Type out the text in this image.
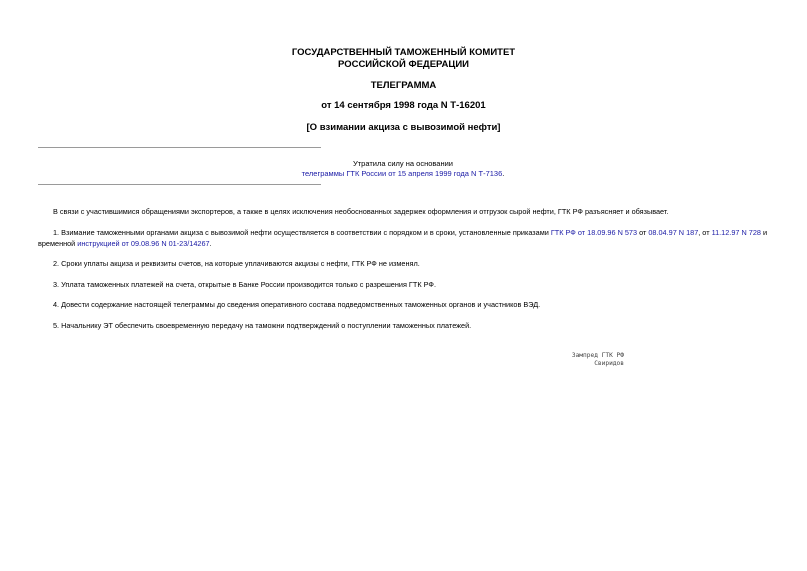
ГОСУДАРСТВЕННЫЙ ТАМОЖЕННЫЙ КОМИТЕТ
РОССИЙСКОЙ ФЕДЕРАЦИИ
ТЕЛЕГРАММА
от 14 сентября 1998 года N Т-16201
[О взимании акциза с вывозимой нефти]
Утратила силу на основании
телеграммы ГТК России от 15 апреля 1999 года N Т-7136.
В связи с участившимися обращениями экспортеров, а также в целях исключения необоснованных задержек оформления и отгрузок сырой нефти, ГТК РФ разъясняет и обязывает.
1. Взимание таможенными органами акциза с вывозимой нефти осуществляется в соответствии с порядком и в сроки, установленные приказами ГТК РФ от 18.09.96 N 573 от 08.04.97 N 187, от 11.12.97 N 728 и временной инструкцией от 09.08.96 N 01-23/14267.
2. Сроки уплаты акциза и реквизиты счетов, на которые уплачиваются акцизы с нефти, ГТК РФ не изменял.
3. Уплата таможенных платежей на счета, открытые в Банке России производится только с разрешения ГТК РФ.
4. Довести содержание настоящей телеграммы до сведения оперативного состава подведомственных таможенных органов и участников ВЭД.
5. Начальнику ЭТ обеспечить своевременную передачу на таможни подтверждений о поступлении таможенных платежей.
Зампред ГТК РФ
Свиридов
